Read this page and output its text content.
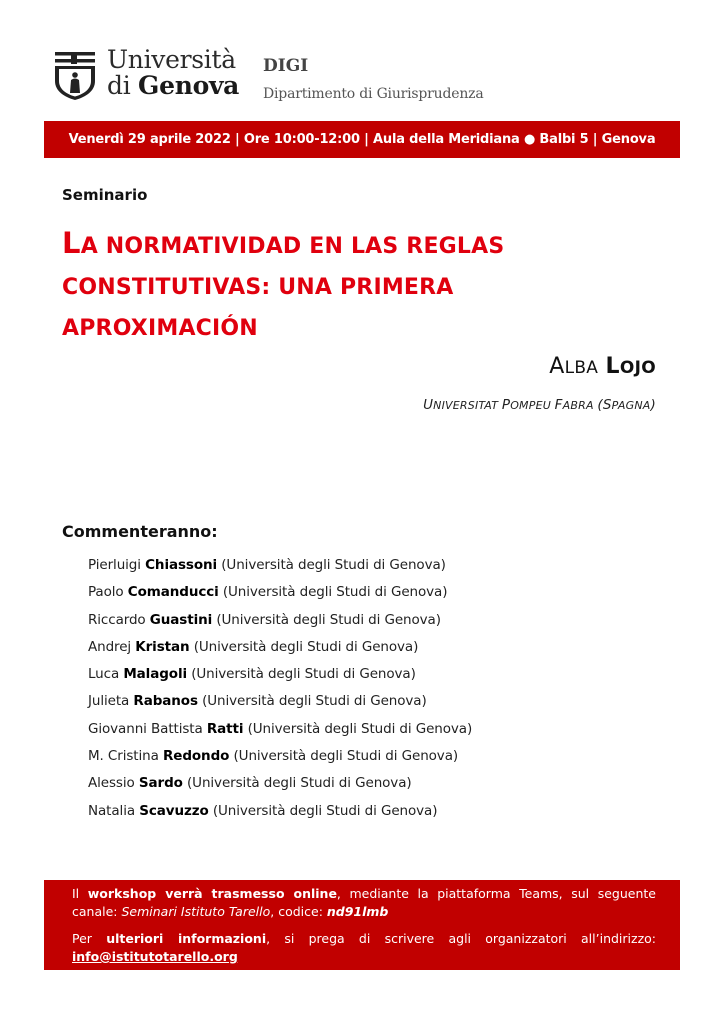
Università
di Genova
DIGI
Dipartimento di Giurisprudenza
Venerdì 29 aprile 2022 | Ore 10:00-12:00 | Aula della Meridiana ● Balbi 5 | Genova
Seminario
LA NORMATIVIDAD EN LAS REGLAS
CONSTITUTIVAS: UNA PRIMERA
APROXIMACIÓN
ALBA LOJO
UNIVERSITAT POMPEU FABRA (SPAGNA)
Commenteranno:
Pierluigi Chiassoni (Università degli Studi di Genova)
Paolo Comanducci (Università degli Studi di Genova)
Riccardo Guastini (Università degli Studi di Genova)
Andrej Kristan (Università degli Studi di Genova)
Luca Malagoli (Università degli Studi di Genova)
Julieta Rabanos (Università degli Studi di Genova)
Giovanni Battista Ratti (Università degli Studi di Genova)
M. Cristina Redondo (Università degli Studi di Genova)
Alessio Sardo (Università degli Studi di Genova)
Natalia Scavuzzo (Università degli Studi di Genova)

Il workshop verrà trasmesso online, mediante la piattaforma Teams, sul seguente canale: Seminari Istituto Tarello, codice: nd91lmb

Per ulteriori informazioni, si prega di scrivere agli organizzatori all’indirizzo: info@istitutotarello.org
